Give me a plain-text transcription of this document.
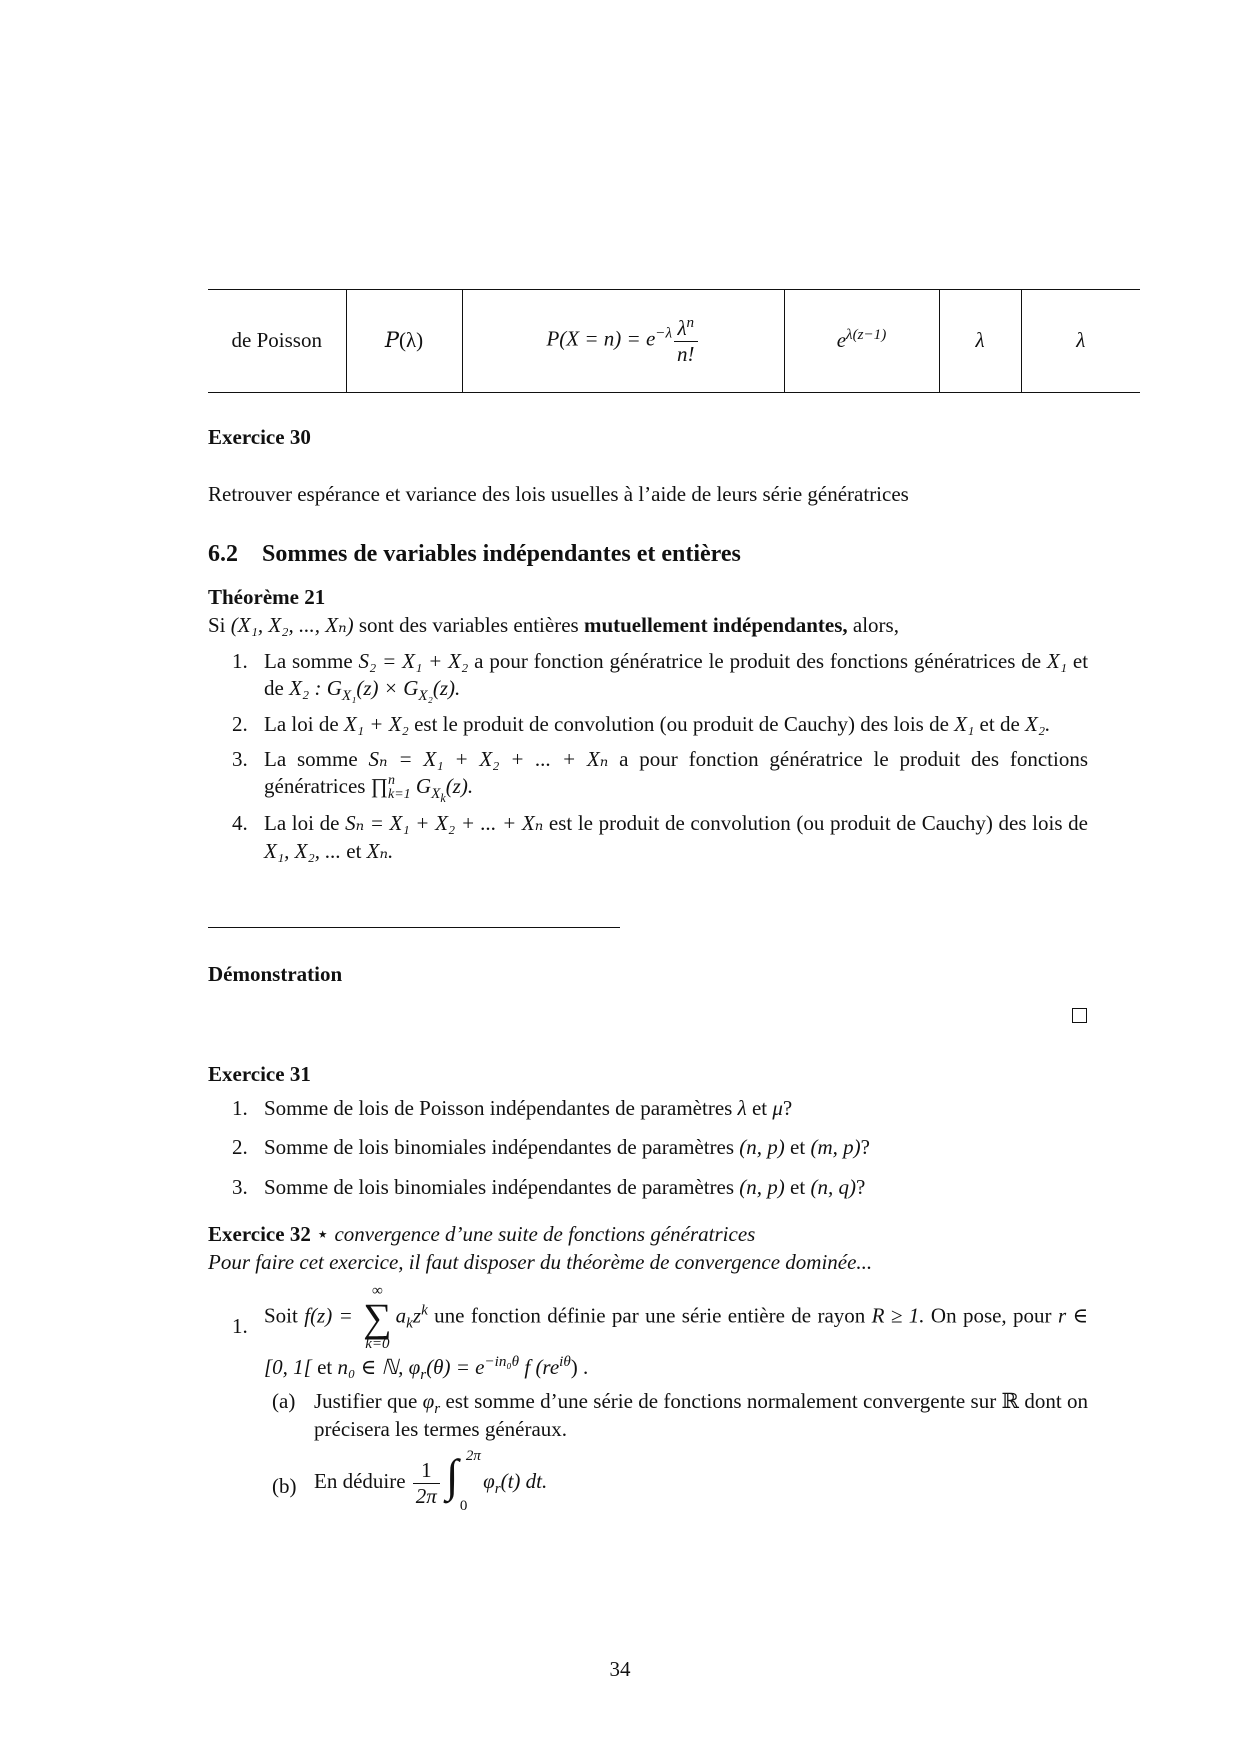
de Poisson	P(λ)	$P(X = n) = e^{-\lambda} \frac{\lambda^n}{n!}$	$e^{\lambda(z-1)}$	λ	λ
Exercice 30
Retrouver espérance et variance des lois usuelles à l’aide de leurs série génératrices
6.2 Sommes de variables indépendantes et entières
Théorème 21
Si (X₁, X₂, ..., Xₙ) sont des variables entières mutuellement indépendantes, alors,
1. La somme S₂ = X₁ + X₂ a pour fonction génératrice le produit des fonctions génératrices de X₁ et de X₂ : $G_{X_1}(z) \times G_{X_2}(z)$.
2. La loi de X₁ + X₂ est le produit de convolution (ou produit de Cauchy) des lois de X₁ et de X₂.
3. La somme Sₙ = X₁ + X₂ + ... + Xₙ a pour fonction génératrice le produit des fonctions génératrices ∏ n
k=1 $G_{X_k}(z)$.
4. La loi de Sₙ = X₁ + X₂ + ... + Xₙ est le produit de convolution (ou produit de Cauchy) des lois de X₁, X₂, ... et Xₙ.
Démonstration
Exercice 31
1. Somme de lois de Poisson indépendantes de paramètres λ et μ?
2. Somme de lois binomiales indépendantes de paramètres (n, p) et (m, p)?
3. Somme de lois binomiales indépendantes de paramètres (n, p) et (n, q)?
Exercice 32 ⋆ convergence d’une suite de fonctions génératrices
Pour faire cet exercice, il faut disposer du théorème de convergence dominée...
1. Soit f(z) =
∞
∑
k=0
$a_kz^k$ une fonction définie par une série entière de rayon R ≥ 1. On pose, pour r ∈ [0, 1[ et n₀ ∈ ℕ, $\varphi_r(\theta) = e^{-in_0\theta}$ f $(re^{i\theta})$ .
(a) Justifier que $\varphi_r$ est somme d’une série de fonctions normalement convergente sur ℝ dont on précisera les termes généraux.
(b) En déduire $\frac{1}{2\pi}$ ∫ 2π
0
$\varphi_r(t)$ dt.
34
